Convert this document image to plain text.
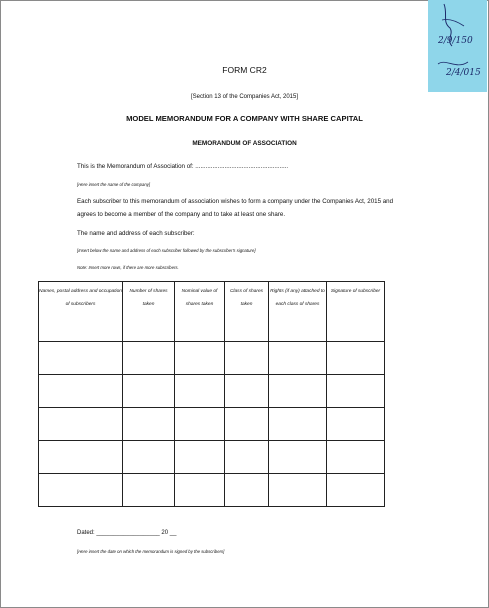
2/9/150
2/4/015
FORM CR2
[Section 13 of the Companies Act, 2015]
MODEL MEMORANDUM FOR A COMPANY WITH SHARE CAPITAL
MEMORANDUM OF ASSOCIATION
This is the Memorandum of Association of: ......................................................
[Here insert the name of the company]
Each subscriber to this memorandum of association wishes to form a company under the Companies Act, 2015 and
agrees to become a member of the company and to take at least one share.
The name and address of each subscriber:
[Insert below the name and address of each subscriber followed by the subscriber's signature]
Note: Insert more rows, if there are more subscribers.
Names, postal address and occupation of subscribers	Number of shares taken	Nominal value of shares taken	Class of shares taken	Rights (if any) attached to each class of shares	Signature of subscriber

Dated: ___________________ 20 __
[Here insert the date on which the memorandum is signed by the subscribers]
